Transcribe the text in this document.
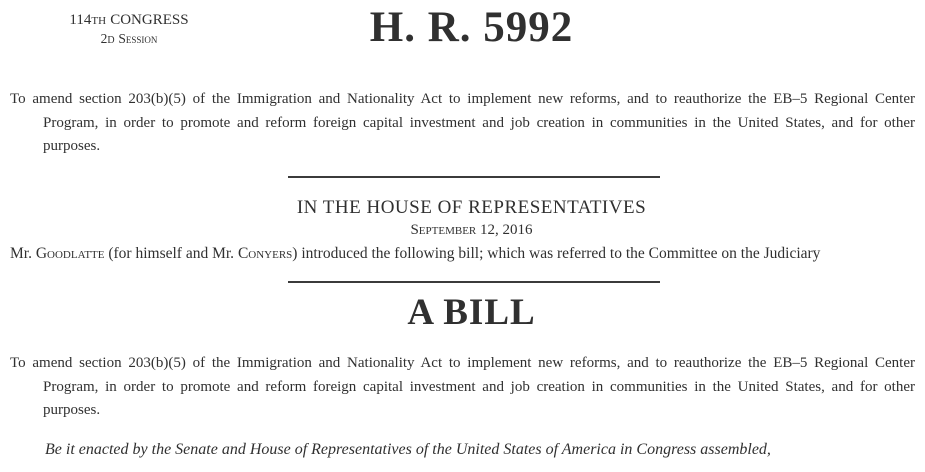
114TH CONGRESS
2D Session	H. R. 5992
To amend section 203(b)(5) of the Immigration and Nationality Act to implement new reforms, and to reauthorize the EB–5 Regional Center
Program, in order to promote and reform foreign capital investment and job creation in communities in the United States, and for other
purposes.
IN THE HOUSE OF REPRESENTATIVES
September 12, 2016
Mr. Goodlatte (for himself and Mr. Conyers) introduced the following bill; which was referred to the Committee on the Judiciary
A BILL
To amend section 203(b)(5) of the Immigration and Nationality Act to implement new reforms, and to reauthorize the EB–5 Regional Center
Program, in order to promote and reform foreign capital investment and job creation in communities in the United States, and for other
purposes.
Be it enacted by the Senate and House of Representatives of the United States of America in Congress assembled,
